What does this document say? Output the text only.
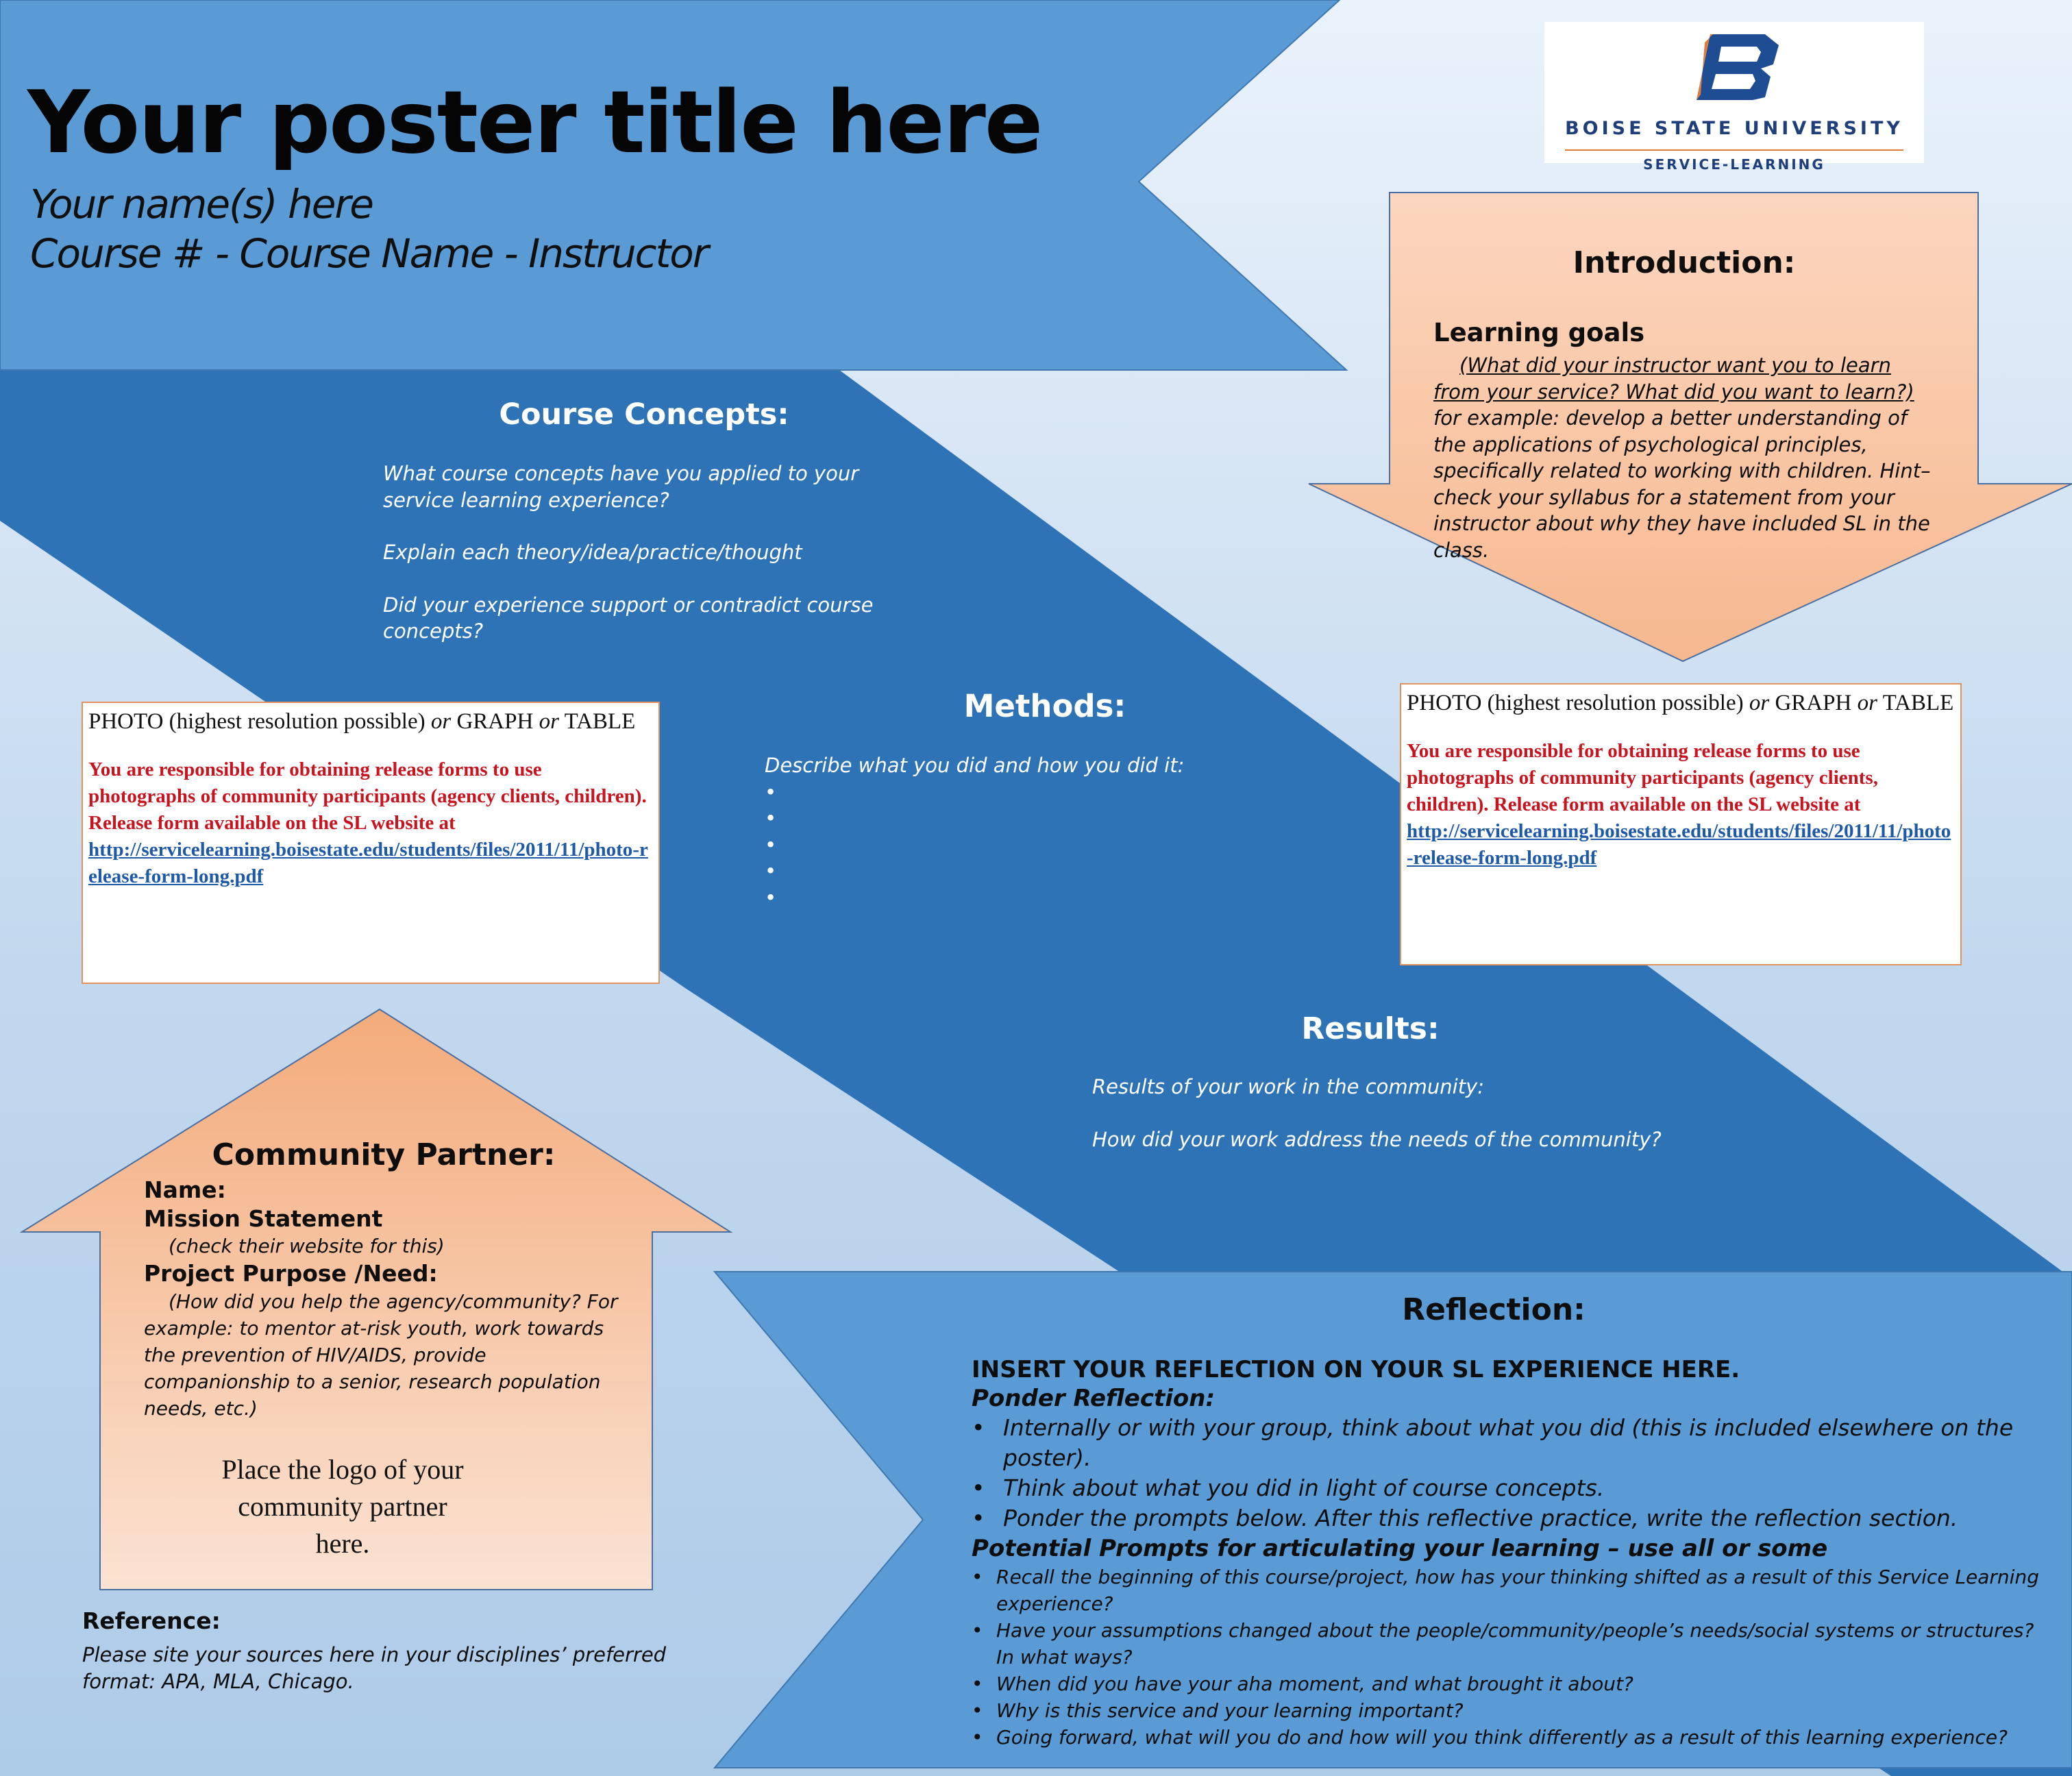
Your poster title here
Your name(s) here
Course # - Course Name - Instructor
BOISE STATE UNIVERSITY
SERVICE-LEARNING
Introduction:
Learning goals
(What did your instructor want you to learn from your service? What did you want to learn?) for example: develop a better understanding of the applications of psychological principles, specifically related to working with children. Hint– check your syllabus for a statement from your instructor about why they have included SL in the class.
Course Concepts:
What course concepts have you applied to your service learning experience?
Explain each theory/idea/practice/thought
Did your experience support or contradict course concepts?
PHOTO (highest resolution possible) or GRAPH or TABLE
You are responsible for obtaining release forms to use photographs of community participants (agency clients, children). Release form available on the SL website at
http://servicelearning.boisestate.edu/students/files/2011/11/photo-release-form-long.pdf
PHOTO (highest resolution possible) or GRAPH or TABLE
You are responsible for obtaining release forms to use photographs of community participants (agency clients, children). Release form available on the SL website at
http://servicelearning.boisestate.edu/students/files/2011/11/photo-release-form-long.pdf
Methods:
Describe what you did and how you did it:
•
•
•
•
•
Results:
Results of your work in the community:
How did your work address the needs of the community?
Community Partner:
Name:
Mission Statement
(check their website for this)
Project Purpose /Need:
(How did you help the agency/community? For example: to mentor at-risk youth, work towards the prevention of HIV/AIDS, provide companionship to a senior, research population needs, etc.)
Place the logo of your community partner here.
Reference:
Please site your sources here in your disciplines’ preferred format: APA, MLA, Chicago.
Reflection:
INSERT YOUR REFLECTION ON YOUR SL EXPERIENCE HERE.
Ponder Reflection:
• Internally or with your group, think about what you did (this is included elsewhere on the poster).
• Think about what you did in light of course concepts.
• Ponder the prompts below. After this reflective practice, write the reflection section.
Potential Prompts for articulating your learning – use all or some
• Recall the beginning of this course/project, how has your thinking shifted as a result of this Service Learning experience?
• Have your assumptions changed about the people/community/people’s needs/social systems or structures? In what ways?
• When did you have your aha moment, and what brought it about?
• Why is this service and your learning important?
• Going forward, what will you do and how will you think differently as a result of this learning experience?
